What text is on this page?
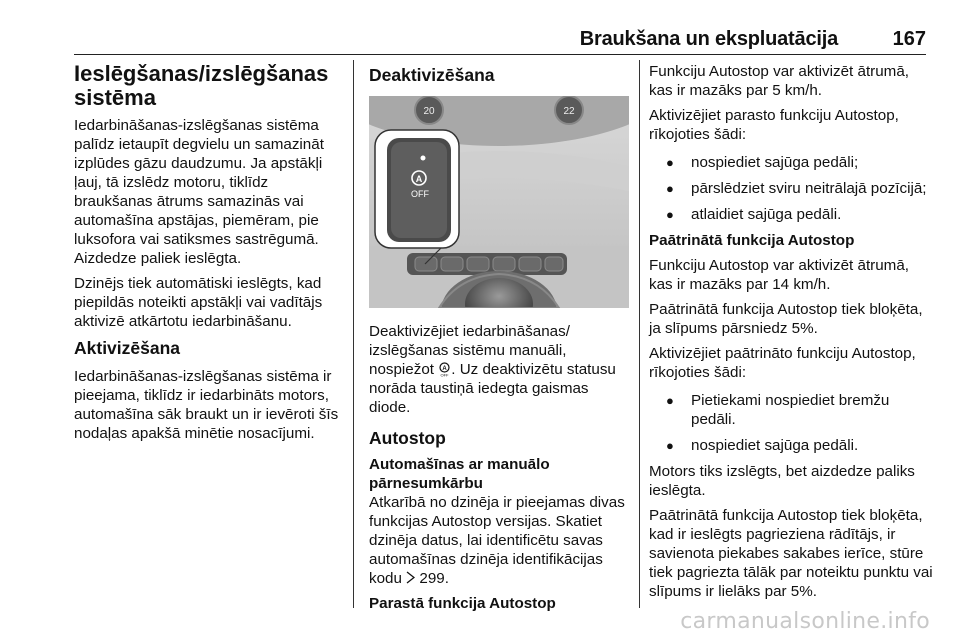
Braukšana un ekspluatācija	167
Ieslēgšanas/izslēgšanas sistēma

Iedarbināšanas-izslēgšanas sistēma palīdz ietaupīt degvielu un samazināt izplūdes gāzu daudzumu. Ja apstākļi ļauj, tā izslēdz motoru, tiklīdz braukšanas ātrums samazinās vai automašīna apstājas, piemēram, pie luksofora vai satiksmes sastrēgumā. Aizdedze paliek ieslēgta.

Dzinējs tiek automātiski ieslēgts, kad piepildās noteikti apstākļi vai vadītājs aktivizē atkārtotu iedarbināšanu.

Aktivizēšana

Iedarbināšanas-izslēgšanas sistēma ir pieejama, tiklīdz ir iedarbināts motors, automašīna sāk braukt un ir ievēroti šīs nodaļas apakšā minētie nosacījumi.

Deaktivizēšana
20	22
A
OFF

Deaktivizējiet iedarbināšanas/ izslēgšanas sistēmu manuāli, nospiežot A
OFF . Uz deaktivizētu statusu norāda taustiņā iedegta gaismas diode.

Autostop
Automašīnas ar manuālo pārnesumkārbu

Atkarībā no dzinēja ir pieejamas divas funkcijas Autostop versijas. Skatiet dzinēja datus, lai identificētu savas automašīnas dzinēja identifikācijas kodu 299.

Parastā funkcija Autostop

Funkciju Autostop var aktivizēt ātrumā, kas ir mazāks par 5 km/h.

Aktivizējiet parasto funkciju Autostop, rīkojoties šādi:

● nospiediet sajūga pedāli;
● pārslēdziet sviru neitrālajā pozīcijā;
● atlaidiet sajūga pedāli.
Paātrinātā funkcija Autostop

Funkciju Autostop var aktivizēt ātrumā, kas ir mazāks par 14 km/h.

Paātrinātā funkcija Autostop tiek bloķēta, ja slīpums pārsniedz 5%.

Aktivizējiet paātrināto funkciju Autostop, rīkojoties šādi:

● Pietiekami nospiediet bremžu pedāli.
● nospiediet sajūga pedāli.

Motors tiks izslēgts, bet aizdedze paliks ieslēgta.

Paātrinātā funkcija Autostop tiek bloķēta, kad ir ieslēgts pagrieziena rādītājs, ir savienota piekabes sakabes ierīce, stūre tiek pagriezta tālāk par noteiktu punktu vai slīpums ir lielāks par 5%.

carmanualsonline.info
